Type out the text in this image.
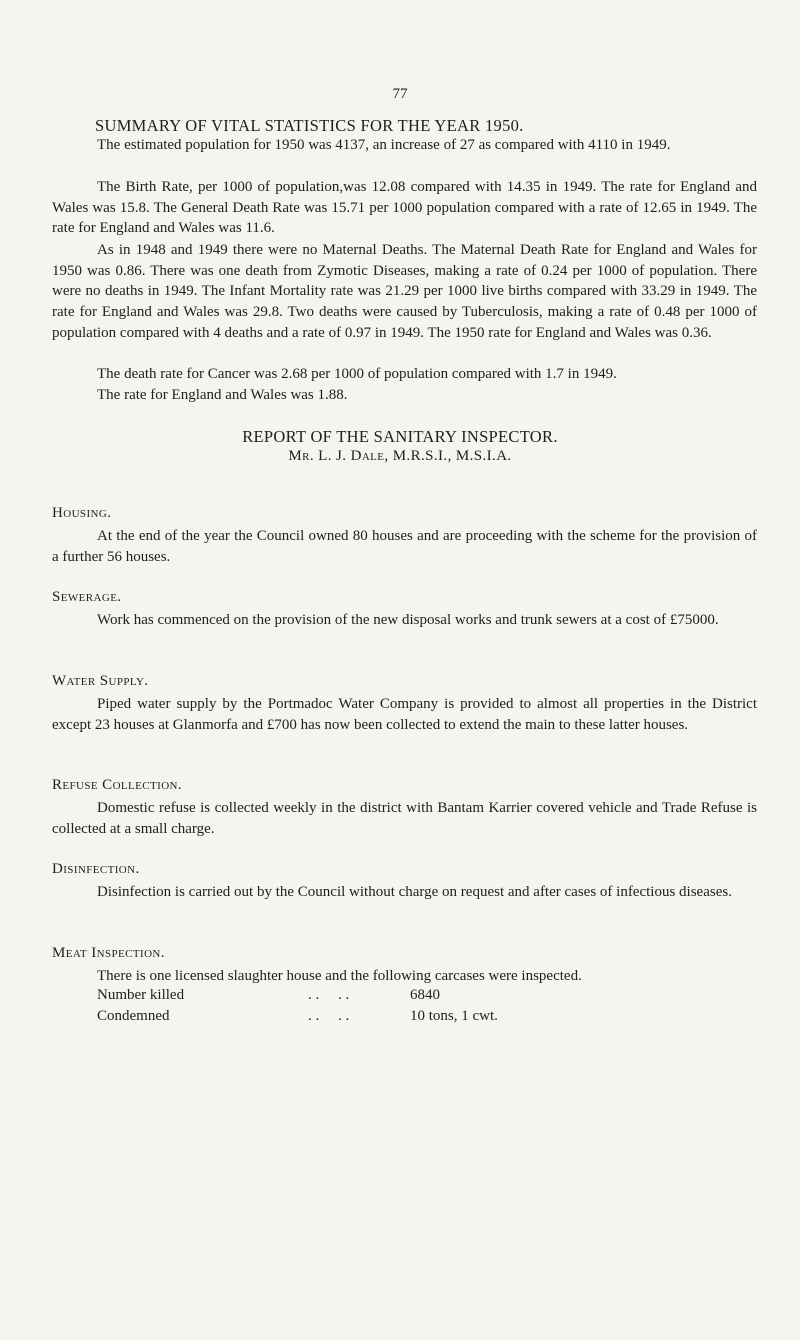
77
SUMMARY OF VITAL STATISTICS FOR THE YEAR 1950.

The estimated population for 1950 was 4137, an increase of 27 as compared with 4110 in 1949.

The Birth Rate, per 1000 of population,was 12.08 compared with 14.35 in 1949. The rate for England and Wales was 15.8. The General Death Rate was 15.71 per 1000 population compared with a rate of 12.65 in 1949. The rate for England and Wales was 11.6.

As in 1948 and 1949 there were no Maternal Deaths. The Maternal Death Rate for England and Wales for 1950 was 0.86. There was one death from Zymotic Diseases, making a rate of 0.24 per 1000 of population. There were no deaths in 1949. The Infant Mortality rate was 21.29 per 1000 live births compared with 33.29 in 1949. The rate for England and Wales was 29.8. Two deaths were caused by Tuberculosis, making a rate of 0.48 per 1000 of population compared with 4 deaths and a rate of 0.97 in 1949. The 1950 rate for England and Wales was 0.36.

The death rate for Cancer was 2.68 per 1000 of population compared with 1.7 in 1949.

The rate for England and Wales was 1.88.

REPORT OF THE SANITARY INSPECTOR.
Mr. L. J. Dale, M.R.S.I., M.S.I.A.
Housing.

At the end of the year the Council owned 80 houses and are proceeding with the scheme for the provision of a further 56 houses.

Sewerage.

Work has commenced on the provision of the new disposal works and trunk sewers at a cost of £75000.

Water Supply.

Piped water supply by the Portmadoc Water Company is provided to almost all properties in the District except 23 houses at Glanmorfa and £700 has now been collected to extend the main to these latter houses.

Refuse Collection.

Domestic refuse is collected weekly in the district with Bantam Karrier covered vehicle and Trade Refuse is collected at a small charge.

Disinfection.

Disinfection is carried out by the Council without charge on request and after cases of infectious diseases.

Meat Inspection.

There is one licensed slaughter house and the following carcases were inspected.

Number killed	. .     . .	6840
Condemned	. .     . .	10 tons, 1 cwt.
